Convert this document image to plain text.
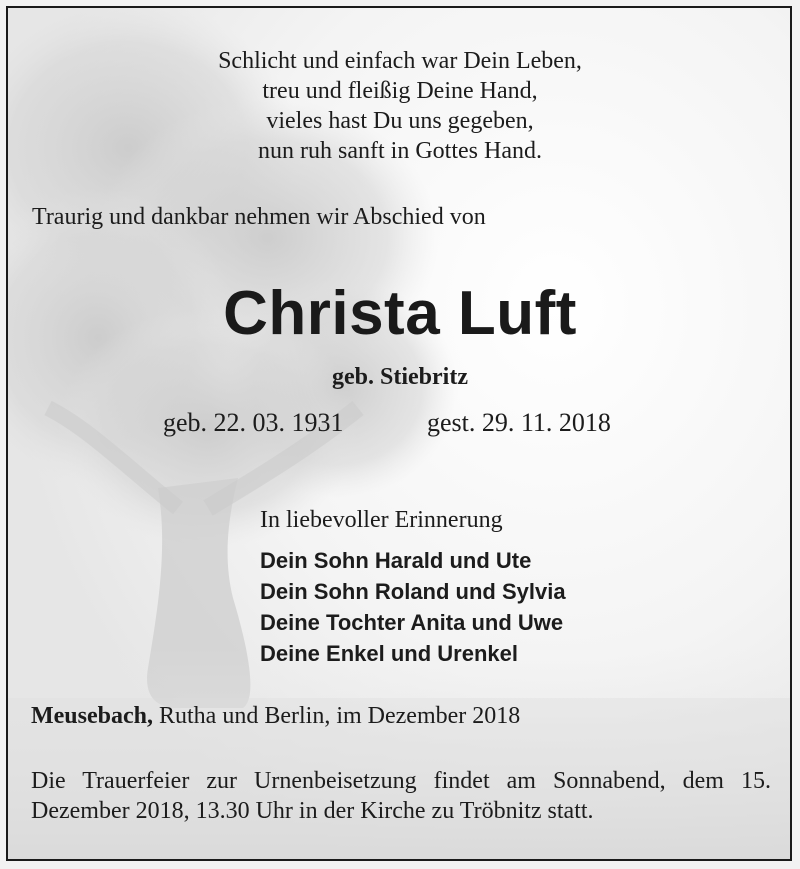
Schlicht und einfach war Dein Leben,
treu und fleißig Deine Hand,
vieles hast Du uns gegeben,
nun ruh sanft in Gottes Hand.

Traurig und dankbar nehmen wir Abschied von

Christa Luft

geb. Stiebritz

geb. 22. 03. 1931	gest. 29. 11. 2018

In liebevoller Erinnerung

Dein Sohn Harald und Ute
Dein Sohn Roland und Sylvia
Deine Tochter Anita und Uwe
Deine Enkel und Urenkel

Meusebach, Rutha und Berlin, im Dezember 2018

Die Trauerfeier zur Urnenbeisetzung findet am Sonnabend, dem 15. Dezember 2018, 13.30 Uhr in der Kirche zu Tröbnitz statt.
